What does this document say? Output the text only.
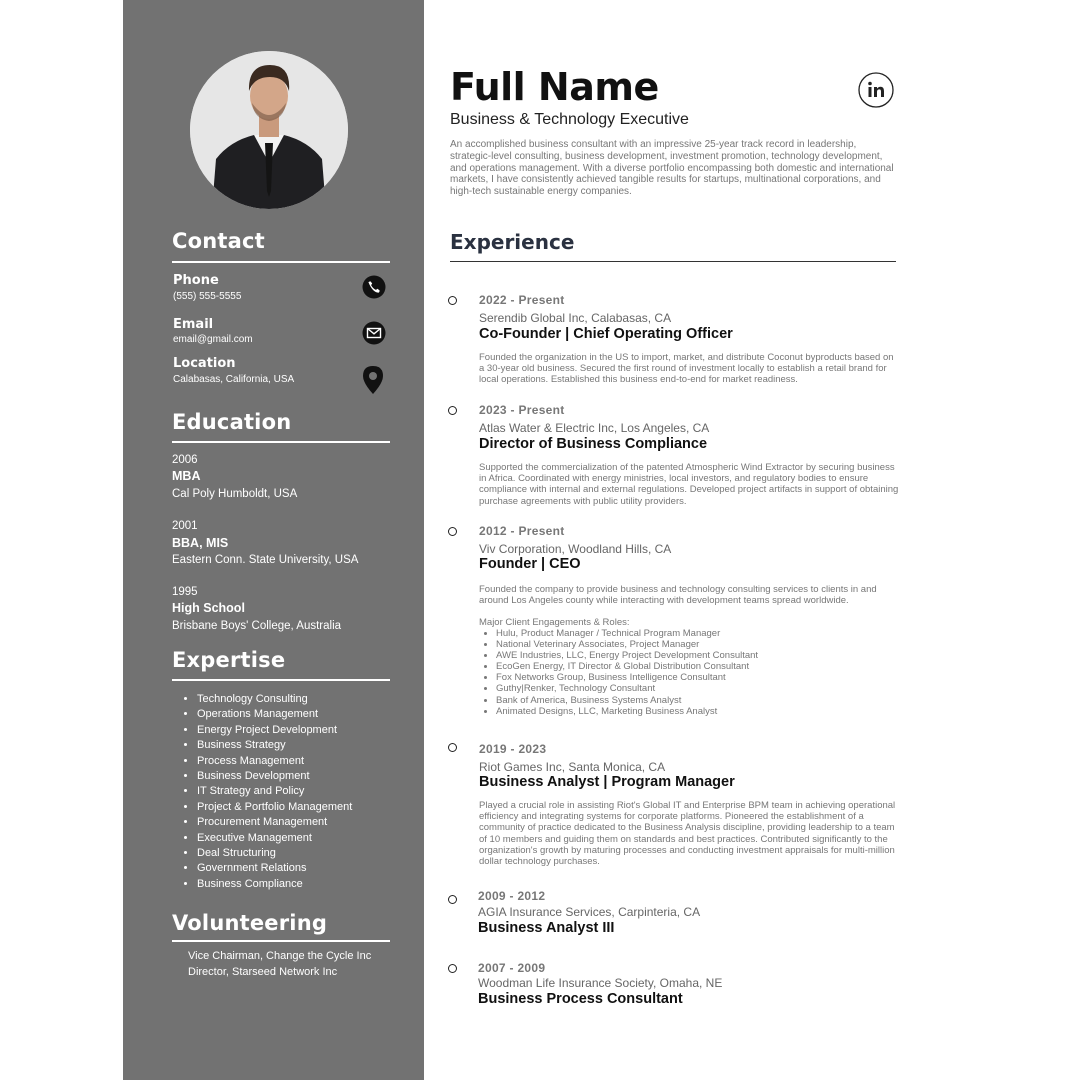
Contact
Phone
(555) 555-5555
Email
email@gmail.com
Location
Calabasas, California, USA
Education
2006
MBA
Cal Poly Humboldt, USA
2001
BBA, MIS
Eastern Conn. State University, USA
1995
High School
Brisbane Boys' College, Australia
Expertise
• Technology Consulting
• Operations Management
• Energy Project Development
• Business Strategy
• Process Management
• Business Development
• IT Strategy and Policy
• Project & Portfolio Management
• Procurement Management
• Executive Management
• Deal Structuring
• Government Relations
• Business Compliance
Volunteering
Vice Chairman, Change the Cycle Inc
Director, Starseed Network Inc
Full Name
Business & Technology Executive
An accomplished business consultant with an impressive 25-year track record in leadership, strategic-level consulting, business development, investment promotion, technology development, and operations management. With a diverse portfolio encompassing both domestic and international markets, I have consistently achieved tangible results for startups, multinational corporations, and high-tech sustainable energy companies.
Experience
2022 - Present
Serendib Global Inc, Calabasas, CA
Co-Founder | Chief Operating Officer
Founded the organization in the US to import, market, and distribute Coconut byproducts based on a 30-year old business. Secured the first round of investment locally to establish a retail brand for local operations. Established this business end-to-end for market readiness.
2023 - Present
Atlas Water & Electric Inc, Los Angeles, CA
Director of Business Compliance
Supported the commercialization of the patented Atmospheric Wind Extractor by securing business in Africa. Coordinated with energy ministries, local investors, and regulatory bodies to ensure compliance with internal and external regulations. Developed project artifacts in support of obtaining purchase agreements with public utility providers.
2012 - Present
Viv Corporation, Woodland Hills, CA
Founder | CEO
Founded the company to provide business and technology consulting services to clients in and around Los Angeles county while interacting with development teams spread worldwide.
Major Client Engagements & Roles:
• Hulu, Product Manager / Technical Program Manager
• National Veterinary Associates, Project Manager
• AWE Industries, LLC, Energy Project Development Consultant
• EcoGen Energy, IT Director & Global Distribution Consultant
• Fox Networks Group, Business Intelligence Consultant
• Guthy|Renker, Technology Consultant
• Bank of America, Business Systems Analyst
• Animated Designs, LLC, Marketing Business Analyst
2019 - 2023
Riot Games Inc, Santa Monica, CA
Business Analyst | Program Manager
Played a crucial role in assisting Riot's Global IT and Enterprise BPM team in achieving operational efficiency and integrating systems for corporate platforms. Pioneered the establishment of a community of practice dedicated to the Business Analysis discipline, providing leadership to a team of 10 members and guiding them on standards and best practices. Contributed significantly to the organization's growth by maturing processes and conducting investment appraisals for multi-million dollar technology purchases.
2009 - 2012
AGIA Insurance Services, Carpinteria, CA
Business Analyst III
2007 - 2009
Woodman Life Insurance Society, Omaha, NE
Business Process Consultant
